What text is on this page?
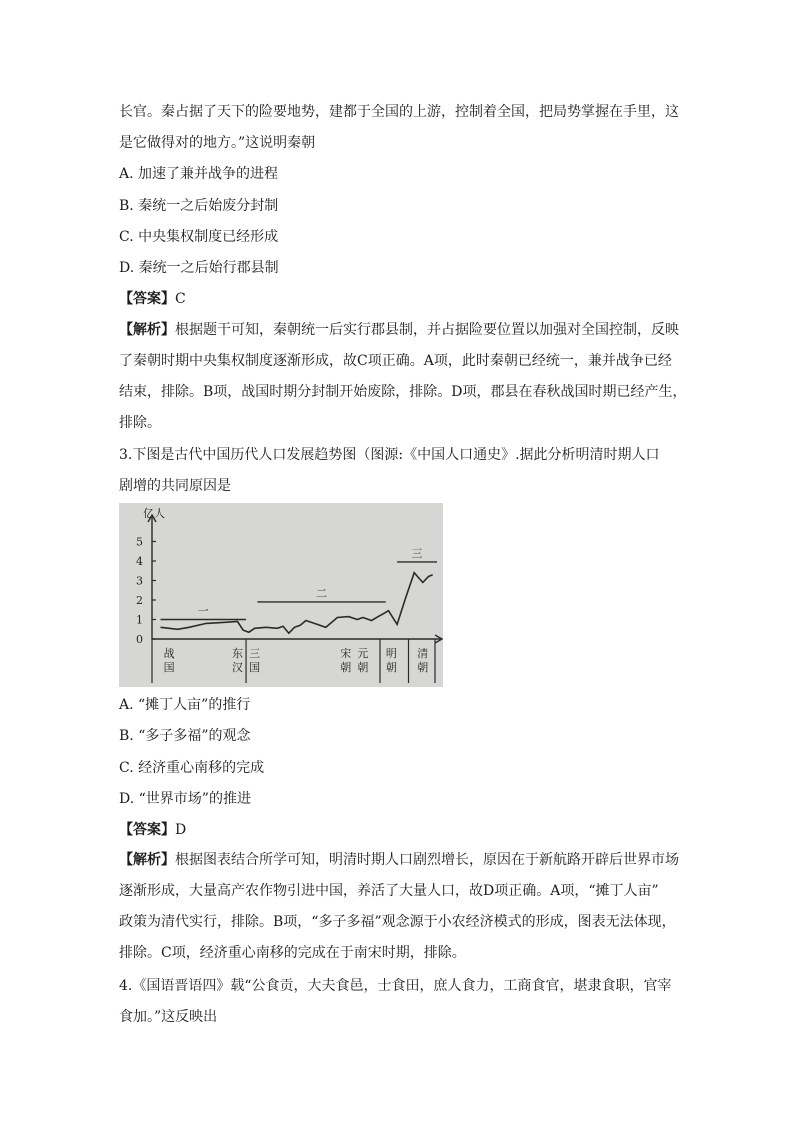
长官。秦占据了天下的险要地势，建都于全国的上游，控制着全国，把局势掌握在手里，这
是它做得对的地方。”这说明秦朝
A. 加速了兼并战争的进程
B. 秦统一之后始废分封制
C. 中央集权制度已经形成
D. 秦统一之后始行郡县制
【答案】C
【解析】根据题干可知，秦朝统一后实行郡县制，并占据险要位置以加强对全国控制，反映
了秦朝时期中央集权制度逐渐形成，故C项正确。A项，此时秦朝已经统一，兼并战争已经
结束，排除。B项，战国时期分封制开始废除，排除。D项，郡县在春秋战国时期已经产生，
排除。
3.下图是古代中国历代人口发展趋势图（图源:《中国人口通史》.据此分析明清时期人口
剧增的共同原因是
0
1
2
3
4
5
战
国
东
汉
三
国
宋
朝
元
朝
明
朝
清
朝
一
二
三
亿人
A. “摊丁人亩”的推行
B. “多子多福”的观念
C. 经济重心南移的完成
D. “世界市场”的推进
【答案】D
【解析】根据图表结合所学可知，明清时期人口剧烈增长，原因在于新航路开辟后世界市场
逐渐形成，大量高产农作物引进中国，养活了大量人口，故D项正确。A项，“摊丁人亩”
政策为清代实行，排除。B项，“多子多福”观念源于小农经济模式的形成，图表无法体现，
排除。C项，经济重心南移的完成在于南宋时期，排除。
4.《国语晋语四》载“公食贡，大夫食邑，士食田，庶人食力，工商食官，堪隶食职，官宰
食加。”这反映出
